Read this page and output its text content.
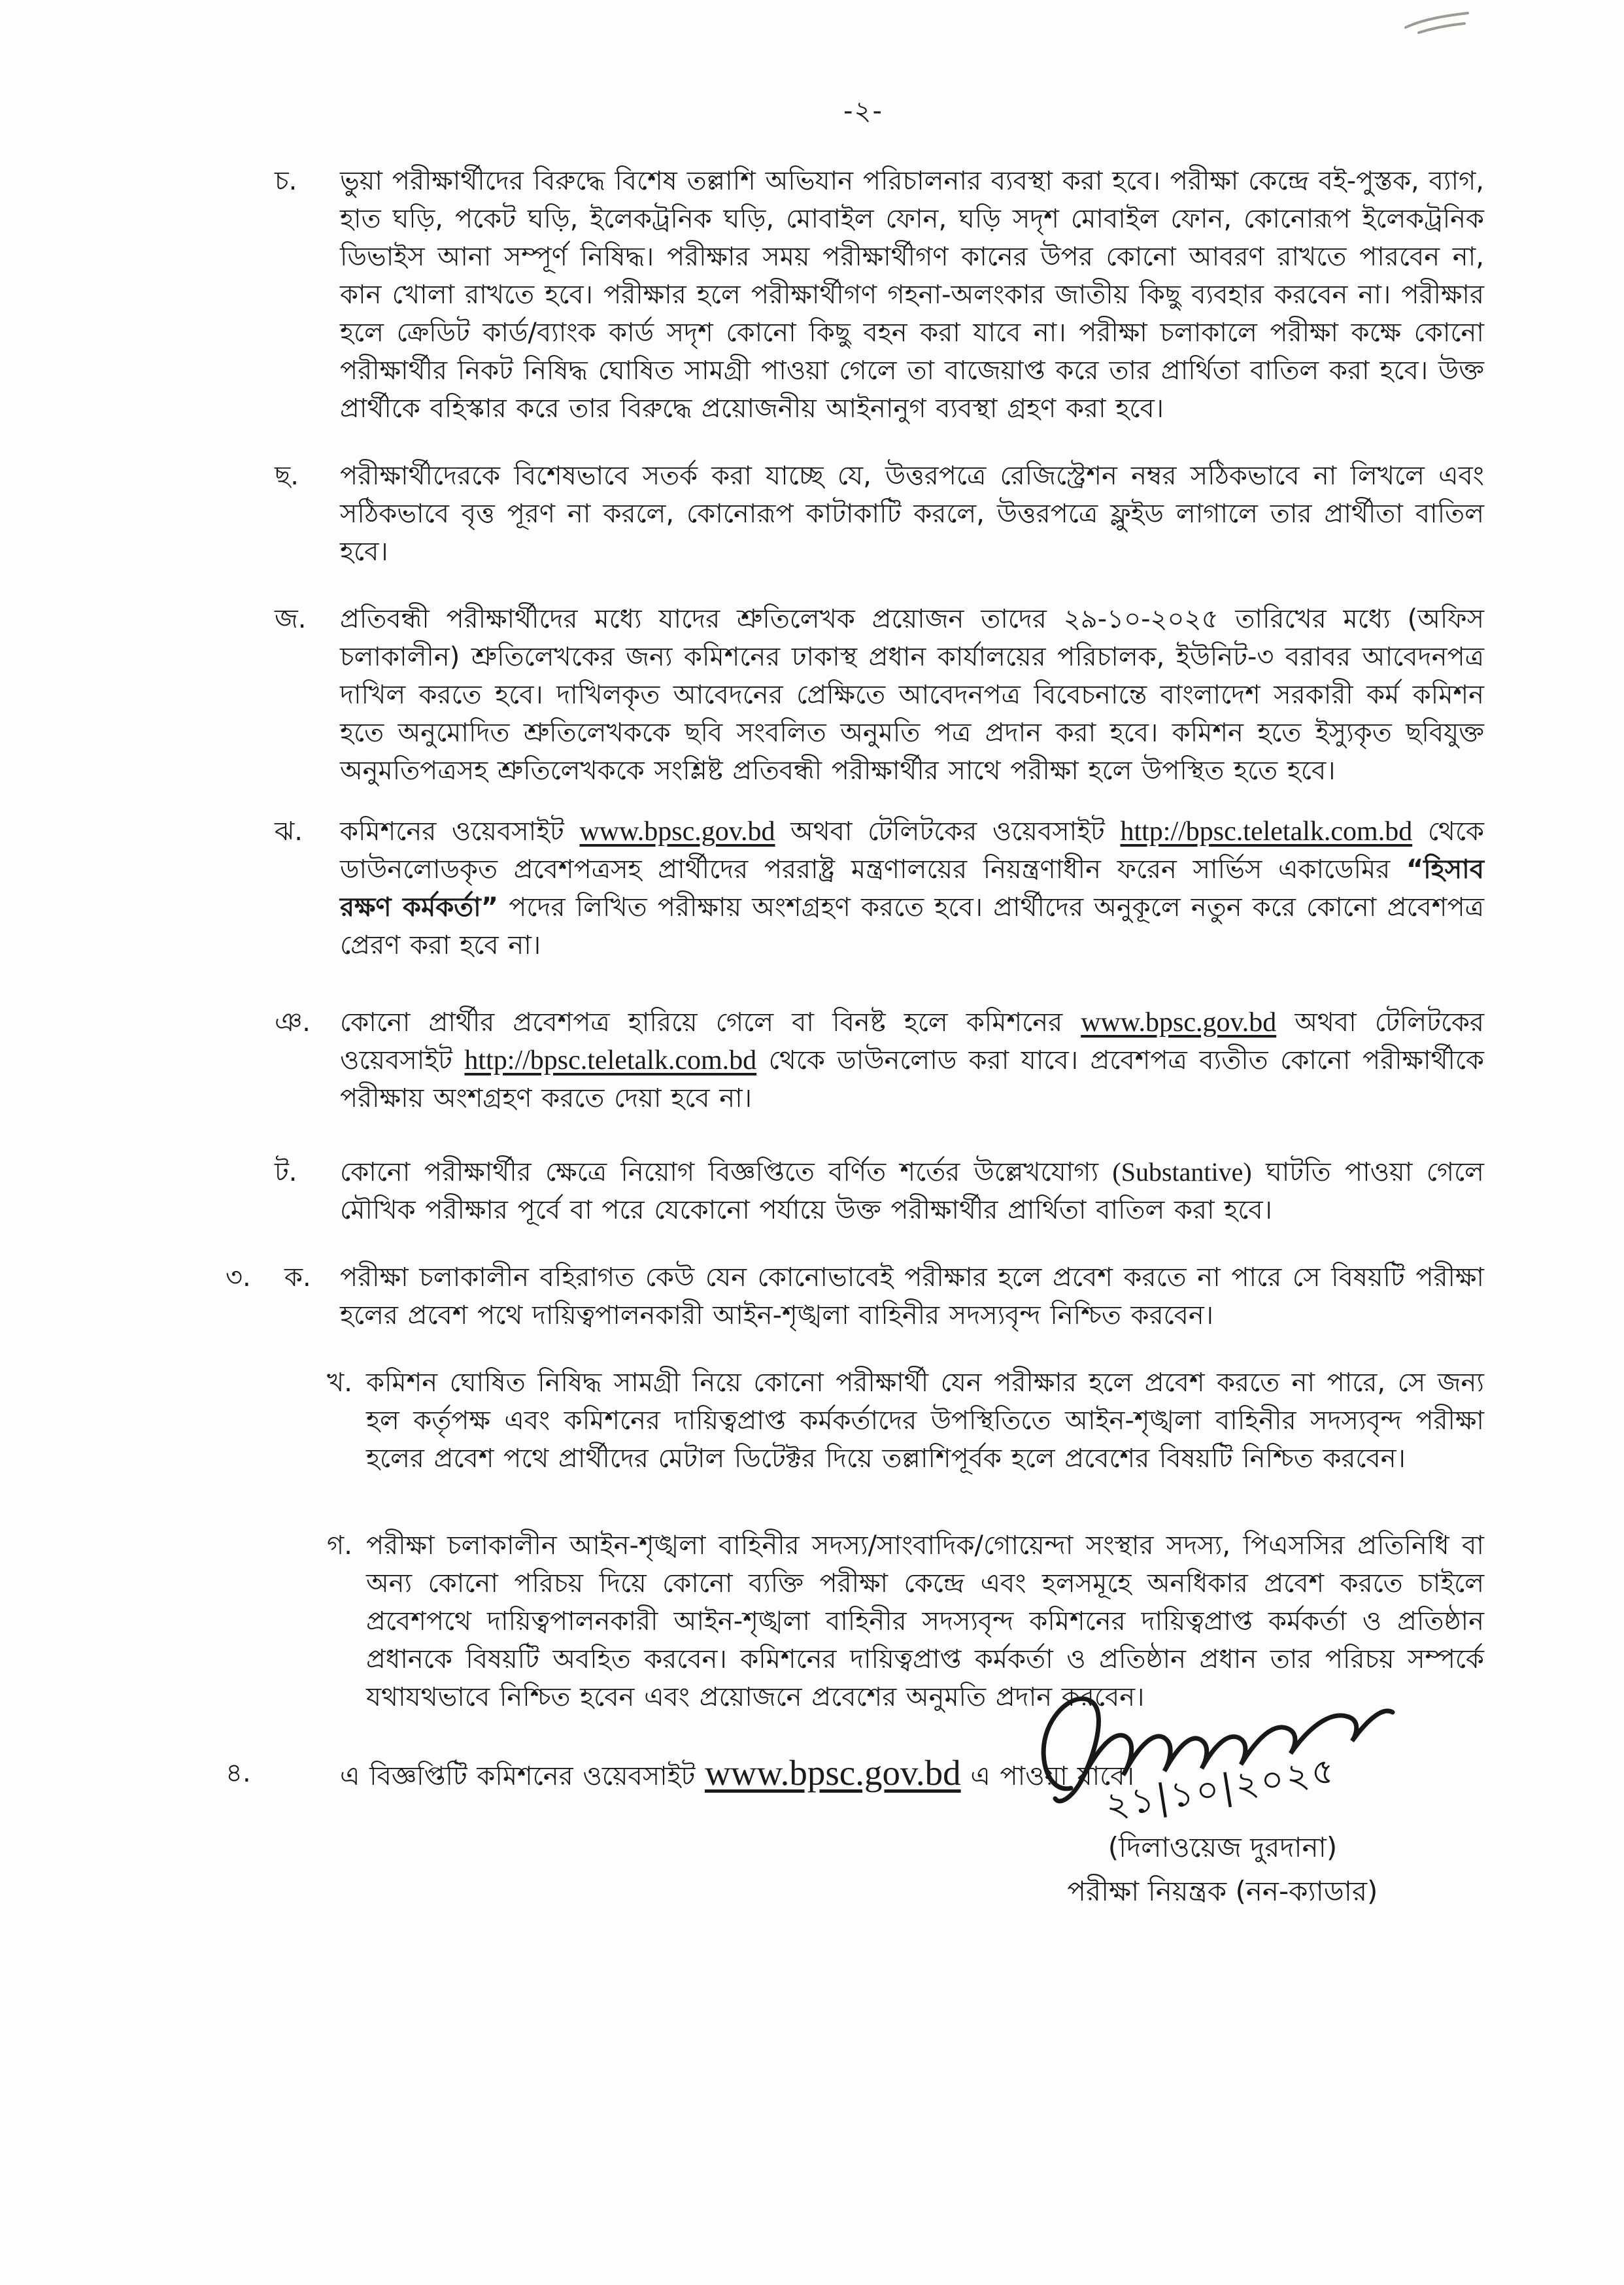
-২-
চ.	ভুয়া পরীক্ষার্থীদের বিরুদ্ধে বিশেষ তল্লাশি অভিযান পরিচালনার ব্যবস্থা করা হবে। পরীক্ষা কেন্দ্রে বই-পুস্তক, ব্যাগ, হাত ঘড়ি, পকেট ঘড়ি, ইলেকট্রনিক ঘড়ি, মোবাইল ফোন, ঘড়ি সদৃশ মোবাইল ফোন, কোনোরূপ ইলেকট্রনিক ডিভাইস আনা সম্পূর্ণ নিষিদ্ধ। পরীক্ষার সময় পরীক্ষার্থীগণ কানের উপর কোনো আবরণ রাখতে পারবেন না, কান খোলা রাখতে হবে। পরীক্ষার হলে পরীক্ষার্থীগণ গহনা-অলংকার জাতীয় কিছু ব্যবহার করবেন না। পরীক্ষার হলে ক্রেডিট কার্ড/ব্যাংক কার্ড সদৃশ কোনো কিছু বহন করা যাবে না। পরীক্ষা চলাকালে পরীক্ষা কক্ষে কোনো পরীক্ষার্থীর নিকট নিষিদ্ধ ঘোষিত সামগ্রী পাওয়া গেলে তা বাজেয়াপ্ত করে তার প্রার্থিতা বাতিল করা হবে। উক্ত প্রার্থীকে বহিস্কার করে তার বিরুদ্ধে প্রয়োজনীয় আইনানুগ ব্যবস্থা গ্রহণ করা হবে।
ছ.	পরীক্ষার্থীদেরকে বিশেষভাবে সতর্ক করা যাচ্ছে যে, উত্তরপত্রে রেজিস্ট্রেশন নম্বর সঠিকভাবে না লিখলে এবং সঠিকভাবে বৃত্ত পূরণ না করলে, কোনোরূপ কাটাকাটি করলে, উত্তরপত্রে ফ্লুইড লাগালে তার প্রার্থীতা বাতিল হবে।
জ.	প্রতিবন্ধী পরীক্ষার্থীদের মধ্যে যাদের শ্রুতিলেখক প্রয়োজন তাদের ২৯-১০-২০২৫ তারিখের মধ্যে (অফিস চলাকালীন) শ্রুতিলেখকের জন্য কমিশনের ঢাকাস্থ প্রধান কার্যালয়ের পরিচালক, ইউনিট-৩ বরাবর আবেদনপত্র দাখিল করতে হবে। দাখিলকৃত আবেদনের প্রেক্ষিতে আবেদনপত্র বিবেচনান্তে বাংলাদেশ সরকারী কর্ম কমিশন হতে অনুমোদিত শ্রুতিলেখককে ছবি সংবলিত অনুমতি পত্র প্রদান করা হবে। কমিশন হতে ইস্যুকৃত ছবিযুক্ত অনুমতিপত্রসহ শ্রুতিলেখককে সংশ্লিষ্ট প্রতিবন্ধী পরীক্ষার্থীর সাথে পরীক্ষা হলে উপস্থিত হতে হবে।
ঝ.	কমিশনের ওয়েবসাইট www.bpsc.gov.bd অথবা টেলিটকের ওয়েবসাইট http://bpsc.teletalk.com.bd থেকে ডাউনলোডকৃত প্রবেশপত্রসহ প্রার্থীদের পররাষ্ট্র মন্ত্রণালয়ের নিয়ন্ত্রণাধীন ফরেন সার্ভিস একাডেমির “হিসাব রক্ষণ কর্মকর্তা” পদের লিখিত পরীক্ষায় অংশগ্রহণ করতে হবে। প্রার্থীদের অনুকূলে নতুন করে কোনো প্রবেশপত্র প্রেরণ করা হবে না।
ঞ.	কোনো প্রার্থীর প্রবেশপত্র হারিয়ে গেলে বা বিনষ্ট হলে কমিশনের www.bpsc.gov.bd অথবা টেলিটকের ওয়েবসাইট http://bpsc.teletalk.com.bd থেকে ডাউনলোড করা যাবে। প্রবেশপত্র ব্যতীত কোনো পরীক্ষার্থীকে পরীক্ষায় অংশগ্রহণ করতে দেয়া হবে না।
ট.	কোনো পরীক্ষার্থীর ক্ষেত্রে নিয়োগ বিজ্ঞপ্তিতে বর্ণিত শর্তের উল্লেখযোগ্য (Substantive) ঘাটতি পাওয়া গেলে মৌখিক পরীক্ষার পূর্বে বা পরে যেকোনো পর্যায়ে উক্ত পরীক্ষার্থীর প্রার্থিতা বাতিল করা হবে।
৩.	ক.	পরীক্ষা চলাকালীন বহিরাগত কেউ যেন কোনোভাবেই পরীক্ষার হলে প্রবেশ করতে না পারে সে বিষয়টি পরীক্ষা হলের প্রবেশ পথে দায়িত্বপালনকারী আইন-শৃঙ্খলা বাহিনীর সদস্যবৃন্দ নিশ্চিত করবেন।
খ. কমিশন ঘোষিত নিষিদ্ধ সামগ্রী নিয়ে কোনো পরীক্ষার্থী যেন পরীক্ষার হলে প্রবেশ করতে না পারে, সে জন্য হল কর্তৃপক্ষ এবং কমিশনের দায়িত্বপ্রাপ্ত কর্মকর্তাদের উপস্থিতিতে আইন-শৃঙ্খলা বাহিনীর সদস্যবৃন্দ পরীক্ষা হলের প্রবেশ পথে প্রার্থীদের মেটাল ডিটেক্টর দিয়ে তল্লাশিপূর্বক হলে প্রবেশের বিষয়টি নিশ্চিত করবেন।
গ. পরীক্ষা চলাকালীন আইন-শৃঙ্খলা বাহিনীর সদস্য/সাংবাদিক/গোয়েন্দা সংস্থার সদস্য, পিএসসির প্রতিনিধি বা অন্য কোনো পরিচয় দিয়ে কোনো ব্যক্তি পরীক্ষা কেন্দ্রে এবং হলসমূহে অনধিকার প্রবেশ করতে চাইলে প্রবেশপথে দায়িত্বপালনকারী আইন-শৃঙ্খলা বাহিনীর সদস্যবৃন্দ কমিশনের দায়িত্বপ্রাপ্ত কর্মকর্তা ও প্রতিষ্ঠান প্রধানকে বিষয়টি অবহিত করবেন। কমিশনের দায়িত্বপ্রাপ্ত কর্মকর্তা ও প্রতিষ্ঠান প্রধান তার পরিচয় সম্পর্কে যথাযথভাবে নিশ্চিত হবেন এবং প্রয়োজনে প্রবেশের অনুমতি প্রদান করবেন।
৪.	এ বিজ্ঞপ্তিটি কমিশনের ওয়েবসাইট www.bpsc.gov.bd এ পাওয়া যাবে।
২১|১০|২০২৫
(দিলাওয়েজ দুরদানা)
পরীক্ষা নিয়ন্ত্রক (নন-ক্যাডার)
